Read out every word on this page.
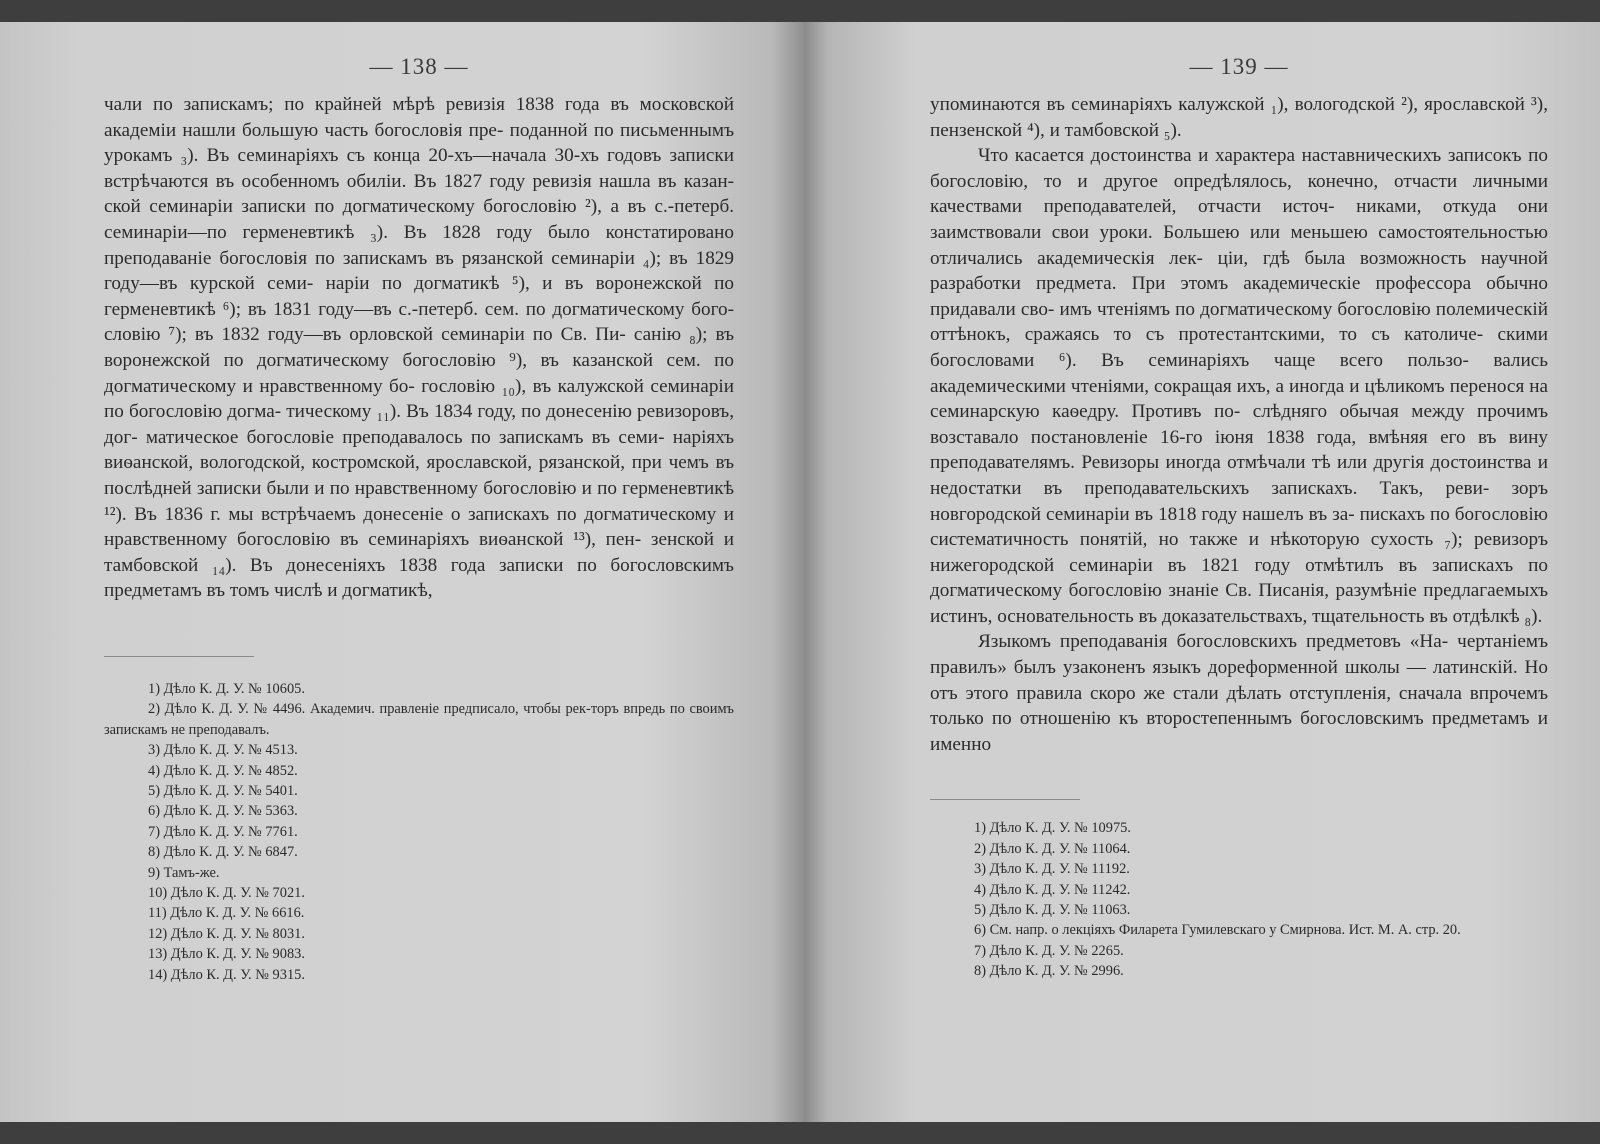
— 138 —

чали по запискамъ; по крайней мѣрѣ ревизія 1838 года въ московской академіи нашли большую часть богословія пре- подaнной по письменнымъ урокамъ ₃). Въ семинаріяхъ съ конца 20-хъ—начала 30-хъ годовъ записки встрѣчаются въ особенномъ обиліи. Въ 1827 году ревизія нашла въ казан- ской семинаріи записки по догматическому богословію ²), а въ с.-петерб. семинаріи—по герменевтикѣ ₃). Въ 1828 году было констатировано преподаваніе богословія по запискамъ въ рязанской семинаріи ₄); въ 1829 году—въ курской семи- наріи по догматикѣ ⁵), и въ воронежской по герменевтикѣ ⁶); въ 1831 году—въ с.-петерб. сем. по догматическому бого- словію ⁷); въ 1832 году—въ орловской семинаріи по Св. Пи- санію ₈); въ воронежской по догматическому богословію ⁹), въ казанской сем. по догматическому и нравственному бо- гословію ₁₀), въ калужской семинаріи по богословію догма- тическому ₁₁). Въ 1834 году, по донесенію ревизоровъ, дог- матическое богословіе преподавалось по запискамъ въ семи- наріяхъ виѳанской, вологодской, костромской, ярославской, рязанской, при чемъ въ послѣдней записки были и по нравственному богословію и по герменевтикѣ ¹²). Въ 1836 г. мы встрѣчаемъ донесеніе о запискахъ по догматическому и нравственному богословію въ семинаріяхъ виѳанской ¹³), пен- зенской и тамбовской ₁₄). Въ донесеніяхъ 1838 года записки по богословскимъ предметамъ въ томъ числѣ и догматикѣ,

1) Дѣло К. Д. У. № 10605.
2) Дѣло К. Д. У. № 4496. Академич. правленіе предписало, чтобы рек-торъ впредь по своимъ запискамъ не преподавалъ.
3) Дѣло К. Д. У. № 4513.
4) Дѣло К. Д. У. № 4852.
5) Дѣло К. Д. У. № 5401.
6) Дѣло К. Д. У. № 5363.
7) Дѣло К. Д. У. № 7761.
8) Дѣло К. Д. У. № 6847.
9) Тамъ-же.
10) Дѣло К. Д. У. № 7021.
11) Дѣло К. Д. У. № 6616.
12) Дѣло К. Д. У. № 8031.
13) Дѣло К. Д. У. № 9083.
14) Дѣло К. Д. У. № 9315.
— 139 —

упоминаются въ семинаріяхъ калужской ₁), вологодской ²), ярославской ³), пензенской ⁴), и тамбовской ₅).

Что касается достоинства и характера наставническихъ записокъ по богословію, то и другое опредѣлялось, конечно, отчасти личными качествами преподавателей, отчасти источ- никами, откуда они заимствовали свои уроки. Большею или меньшею самостоятельностью отличались академическія лек- ціи, гдѣ была возможность научной разработки предмета. При этомъ академическіе профессора обычно придавали сво- имъ чтеніямъ по догматическому богословію полемическій оттѣнокъ, сражаясь то съ протестантскими, то съ католиче- скими богословами ⁶). Въ семинаріяхъ чаще всего пользо- вались академическими чтеніями, сокращая ихъ, а иногда и цѣликомъ перенося на семинарскую каѳедру. Противъ по- слѣдняго обычая между прочимъ возставало постановленіе 16-го іюня 1838 года, вмѣняя его въ вину преподавателямъ. Ревизоры иногда отмѣчали тѣ или другія достоинства и недостатки въ преподавательскихъ запискахъ. Такъ, реви- зоръ новгородской семинаріи въ 1818 году нашелъ въ за- пискахъ по богословію систематичность понятій, но также и нѣкоторую сухость ₇); ревизоръ нижегородской семинаріи въ 1821 году отмѣтилъ въ запискахъ по догматическому богословію знаніе Св. Писанія, разумѣніе предлагаемыхъ истинъ, основательность въ доказательствахъ, тщательность въ отдѣлкѣ ₈).

Языкомъ преподаванія богословскихъ предметовъ «На- чертаніемъ правилъ» былъ узаконенъ языкъ дореформенной школы — латинскій. Но отъ этого правила скоро же стали дѣлать отступленія, сначала впрочемъ только по отношенію къ второстепеннымъ богословскимъ предметамъ и именно

1) Дѣло К. Д. У. № 10975.
2) Дѣло К. Д. У. № 11064.
3) Дѣло К. Д. У. № 11192.
4) Дѣло К. Д. У. № 11242.
5) Дѣло К. Д. У. № 11063.
6) См. напр. о лекціяхъ Филарета Гумилевскаго у Смирнова. Ист. М. А. стр. 20.
7) Дѣло К. Д. У. № 2265.
8) Дѣло К. Д. У. № 2996.
